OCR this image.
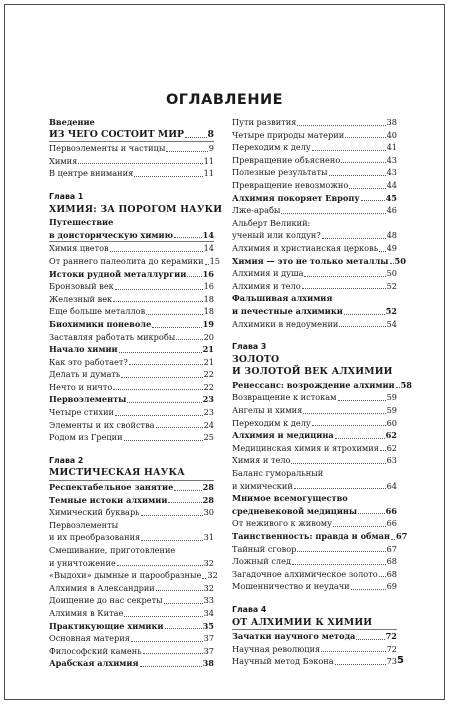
ОГЛАВЛЕНИЕ
Введение
ИЗ ЧЕГО СОСТОИТ МИР	8
Первоэлементы и частицы	9
Химия	11
В центре внимания	11
Глава 1
ХИМИЯ: ЗА ПОРОГОМ НАУКИ
Путешествие
в доисторическую химию	14
Химия цветов	14
От раннего палеолита до керамики 15
Истоки рудной металлургии 16
Бронзовый век	16
Железный век	18
Еще больше металлов	18
Биохимики поневоле	19
Заставляя работать микробы	20
Начало химии	21
Как это работает?	21
Делать и думать	22
Нечто и ничто	22
Первоэлементы	23
Четыре стихии	23
Элементы и их свойства	24
Родом из Греции	25
Глава 2
МИСТИЧЕСКАЯ НАУКА
Респектабельное занятие	28
Темные истоки алхимии	28
Химический букварь	30
Первоэлементы
и их преобразования	31
Смешивание, приготовление
и уничтожение	32
«Выдохи» дымные и парообразные 32
Алхимия в Александрии	32
Доищение до нас секреты	33
Алхимия в Китае	34
Практикующие химики	35
Основная материя	37
Философский камень	37
Арабская алхимия	38
Пути развития	38
Четыре природы материи	40
Переходим к делу	41
Превращение объяснено	43
Полезные результаты	43
Превращение невозможно	44
Алхимия покоряет Европу	45
Лже-арабы	46
Альберт Великий:
ученый или колдун?	48
Алхимия и христианская церковь 49
Химия — это не только металлы 50
Алхимия и душа	50
Алхимия и тело	52
Фальшивая алхимия
и печестные алхимики	52
Алхимики в недоумении	54
Глава 3
ЗОЛОТО
И ЗОЛОТОЙ ВЕК АЛХИМИИ
Ренессанс: возрождение алхимии 58
Возвращение к истокам	59
Ангелы и химия	59
Переходим к делу	60
Алхимия и медицина	62
Медицинская химия и ятрохимия 62
Химия и тело	63
Баланс гуморальный
и химический	64
Мнимое всемогущество
средневековой медицины	66
От неживого к живому	66
Таинственность: правда и обман 67
Тайный сговор	67
Ложный след	68
Загадочное алхимическое золото 68
Мошенничество и неудачи	69
Глава 4
ОТ АЛХИМИИ К ХИМИИ
Зачатки научного метода	72
Научная революция	72
Научный метод Бэкона	73 5
